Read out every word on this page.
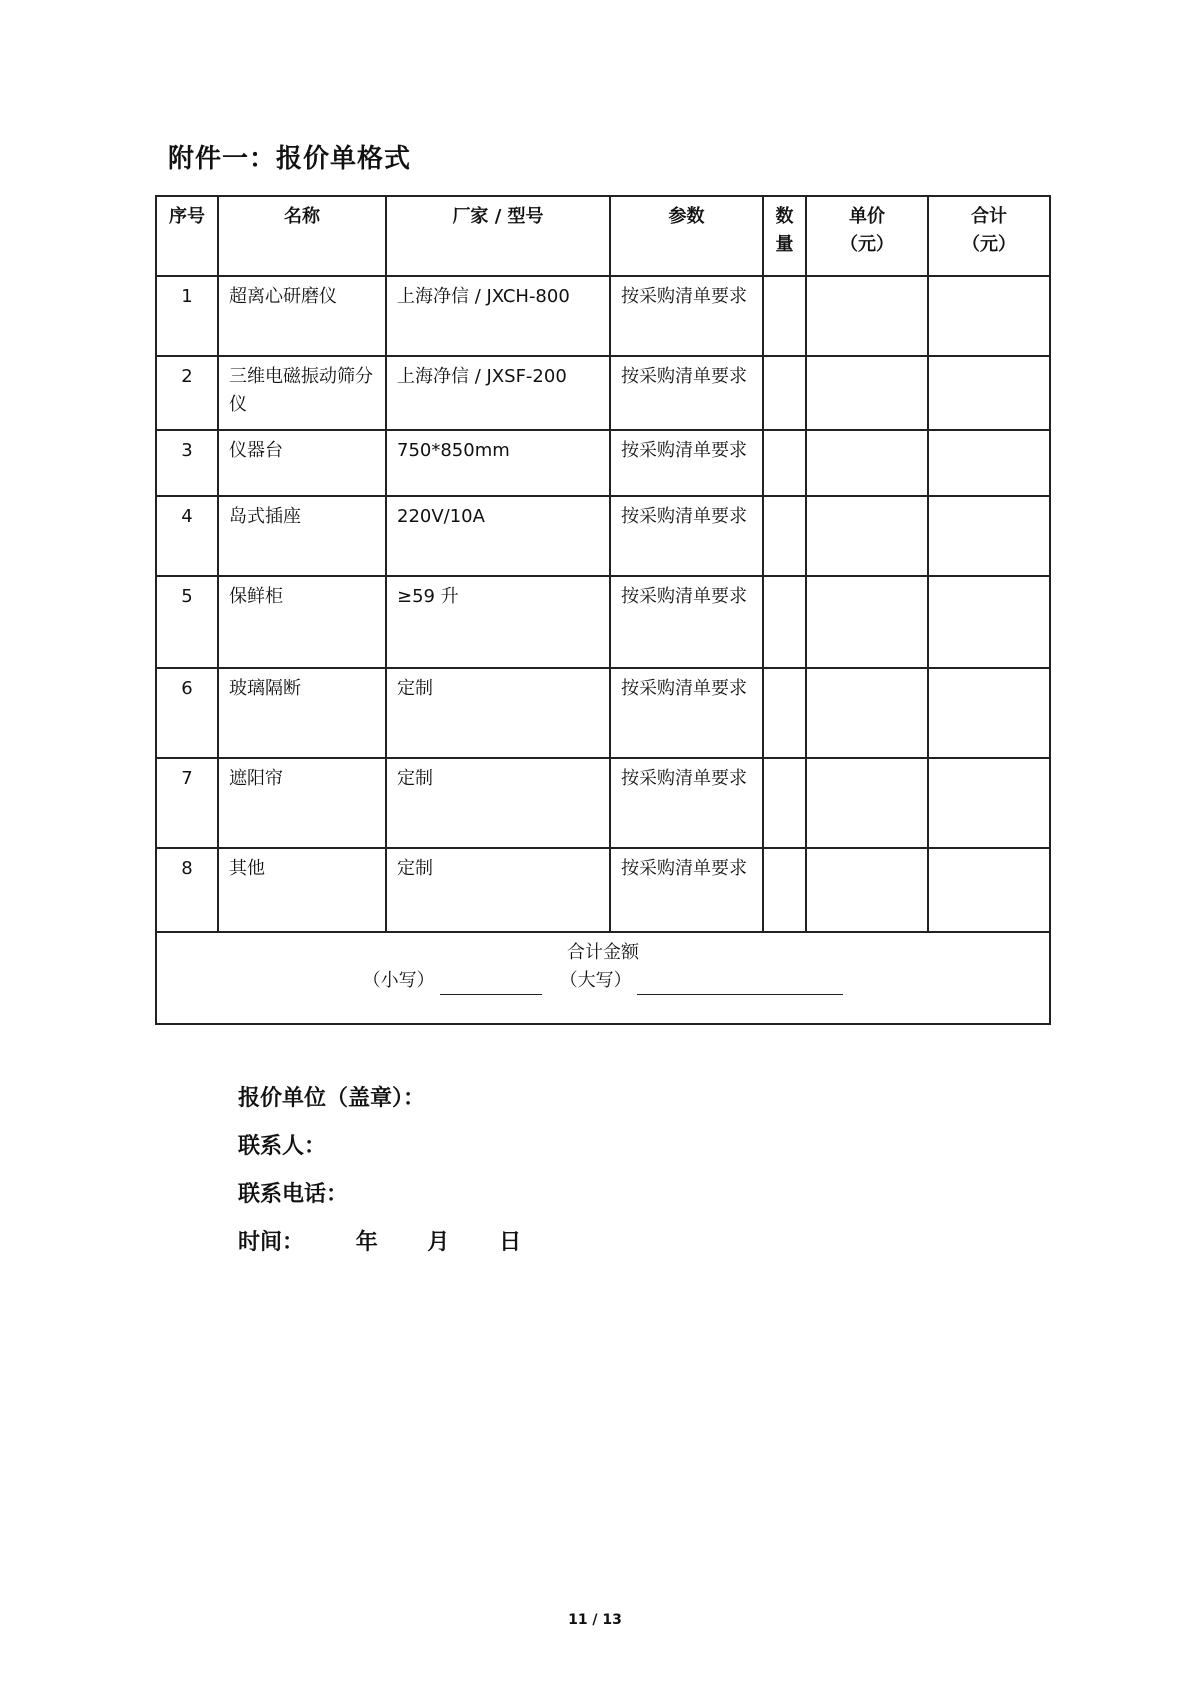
附件一：报价单格式
序号	名称	厂家 / 型号	参数	数量	单价（元）	合计（元）
1	超离心研磨仪	上海净信 / JXCH-800	按采购清单要求			
2	三维电磁振动筛分仪	上海净信 / JXSF-200	按采购清单要求			
3	仪器台	750*850mm	按采购清单要求			
4	岛式插座	220V/10A	按采购清单要求			
5	保鲜柜	≥59 升	按采购清单要求			
6	玻璃隔断	定制	按采购清单要求			
7	遮阳帘	定制	按采购清单要求			
8	其他	定制	按采购清单要求			

合计金额
（小写） （大写）						
报价单位（盖章）：
联系人：
联系电话：
时间： 年 月 日
11 / 13
